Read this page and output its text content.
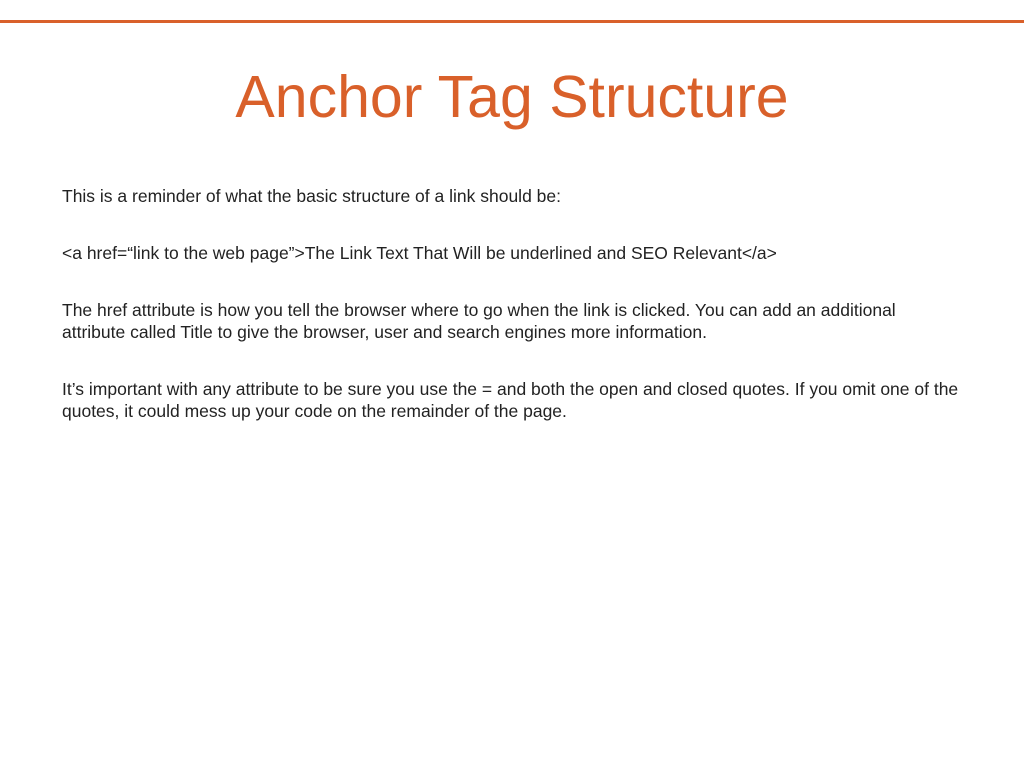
Anchor Tag Structure

This is a reminder of what the basic structure of a link should be:

<a href=“link to the web page”>The Link Text That Will be underlined and SEO Relevant</a>

The href attribute is how you tell the browser where to go when the link is clicked. You can add an additional attribute called Title to give the browser, user and search engines more information.

It’s important with any attribute to be sure you use the = and both the open and closed quotes. If you omit one of the quotes, it could mess up your code on the remainder of the page.
